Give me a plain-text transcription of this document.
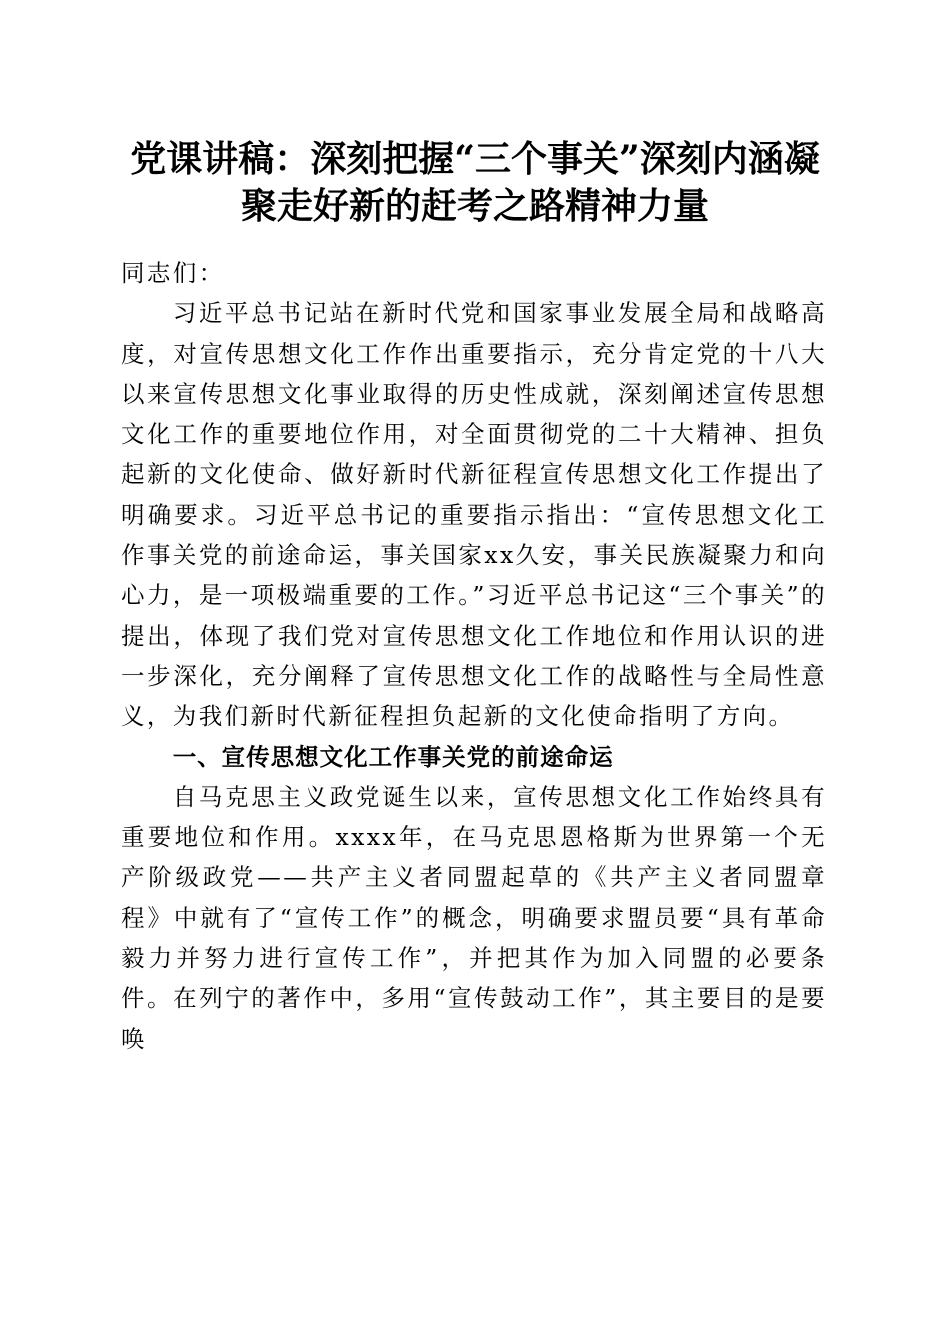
党课讲稿：深刻把握“三个事关”深刻内涵凝
聚走好新的赶考之路精神力量

同志们：

习近平总书记站在新时代党和国家事业发展全局和战略高度，对宣传思想文化工作作出重要指示，充分肯定党的十八大以来宣传思想文化事业取得的历史性成就，深刻阐述宣传思想文化工作的重要地位作用，对全面贯彻党的二十大精神、担负起新的文化使命、做好新时代新征程宣传思想文化工作提出了明确要求。习近平总书记的重要指示指出：“宣传思想文化工作事关党的前途命运，事关国家xx久安，事关民族凝聚力和向心力，是一项极端重要的工作。”习近平总书记这“三个事关”的提出，体现了我们党对宣传思想文化工作地位和作用认识的进一步深化，充分阐释了宣传思想文化工作的战略性与全局性意义，为我们新时代新征程担负起新的文化使命指明了方向。

一、宣传思想文化工作事关党的前途命运

自马克思主义政党诞生以来，宣传思想文化工作始终具有重要地位和作用。xxxx年，在马克思恩格斯为世界第一个无产阶级政党——共产主义者同盟起草的《共产主义者同盟章程》中就有了“宣传工作”的概念，明确要求盟员要“具有革命毅力并努力进行宣传工作”，并把其作为加入同盟的必要条件。在列宁的著作中，多用“宣传鼓动工作”，其主要目的是要唤
